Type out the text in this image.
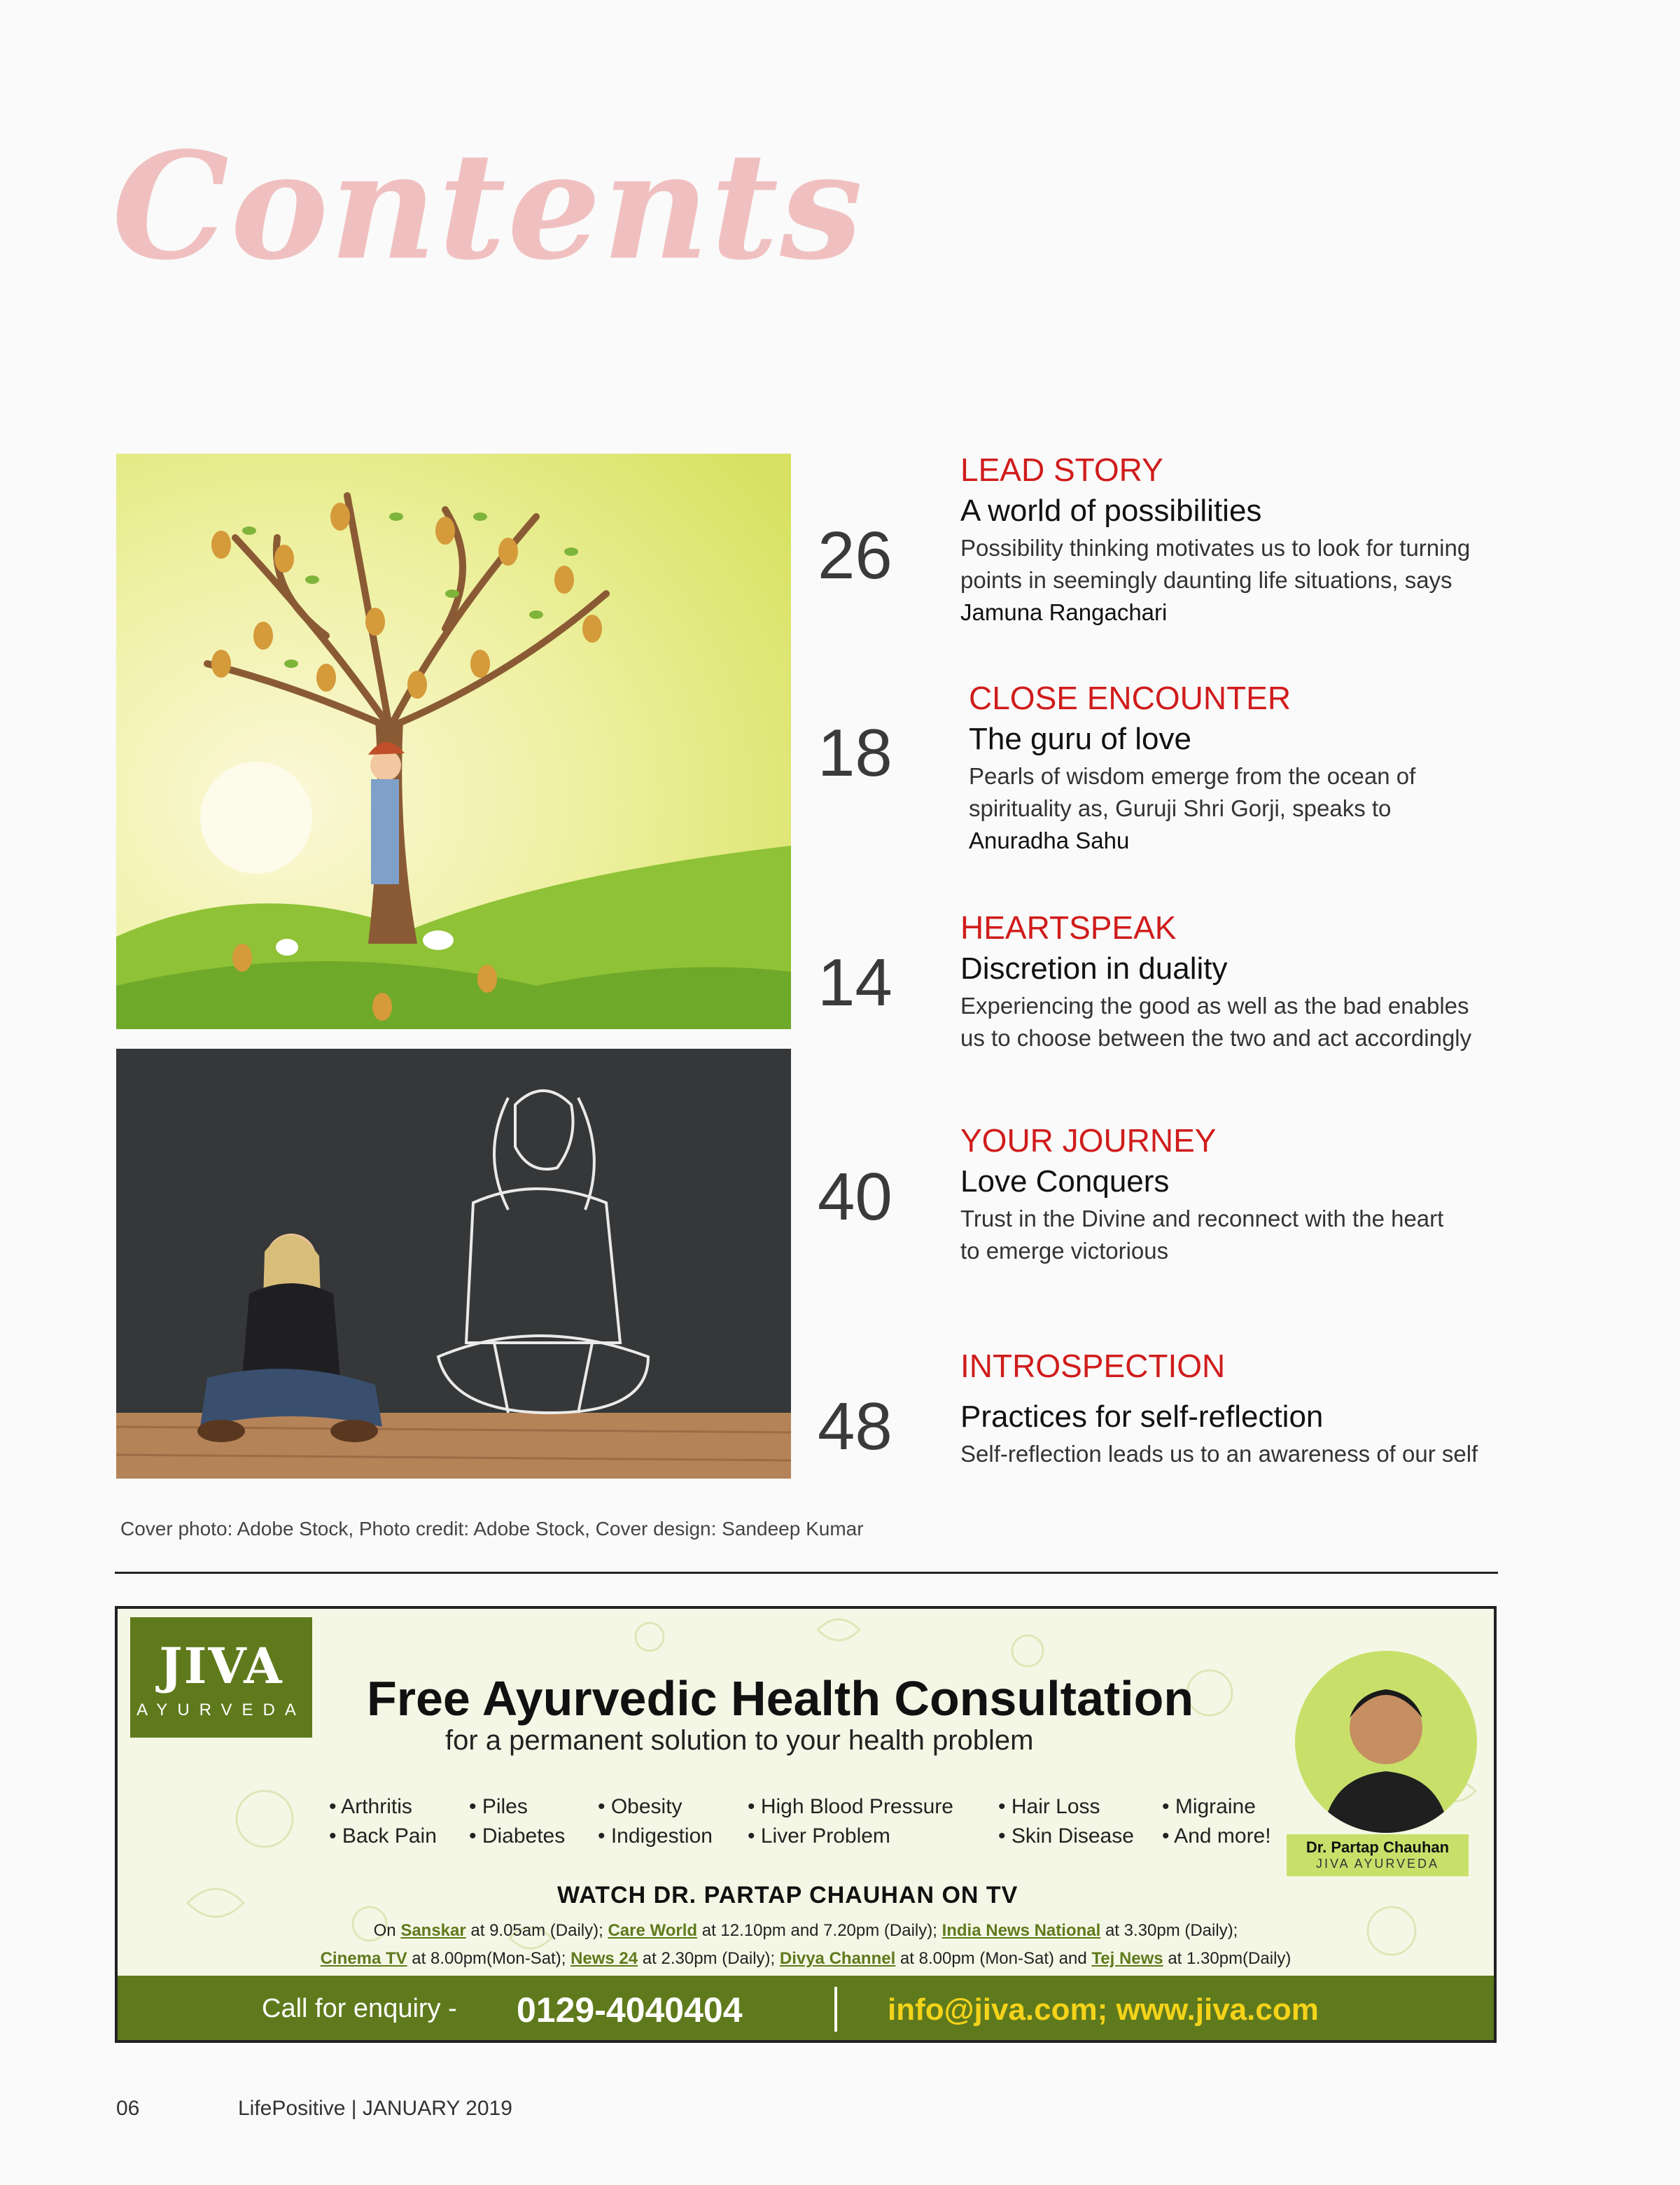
Contents
26
LEAD STORY
A world of possibilities
Possibility thinking motivates us to look for turning
points in seemingly daunting life situations, says
Jamuna Rangachari
18
CLOSE ENCOUNTER
The guru of love
Pearls of wisdom emerge from the ocean of
spirituality as, Guruji Shri Gorji, speaks to
Anuradha Sahu
14
HEARTSPEAK
Discretion in duality
Experiencing the good as well as the bad enables
us to choose between the two and act accordingly
40
YOUR JOURNEY
Love Conquers
Trust in the Divine and reconnect with the heart
to emerge victorious
48
INTROSPECTION
Practices for self-reflection
Self-reflection leads us to an awareness of our self
Cover photo: Adobe Stock, Photo credit: Adobe Stock, Cover design: Sandeep Kumar
JIVA
AYURVEDA Free Ayurvedic Health Consultation
for a permanent solution to your health problem
• Arthritis
• Back Pain
• Piles
• Diabetes
• Obesity
• Indigestion
• High Blood Pressure
• Liver Problem
• Hair Loss
• Skin Disease
• Migraine
• And more!	Dr. Partap Chauhan
JIVA AYURVEDA
WATCH DR. PARTAP CHAUHAN ON TV
On Sanskar at 9.05am (Daily); Care World at 12.10pm and 7.20pm (Daily); India News National at 3.30pm (Daily);
Cinema TV at 8.00pm(Mon-Sat); News 24 at 2.30pm (Daily); Divya Channel at 8.00pm (Mon-Sat) and Tej News at 1.30pm(Daily)
Call for enquiry - 0129-4040404	info@jiva.com; www.jiva.com
06	LifePositive | JANUARY 2019
